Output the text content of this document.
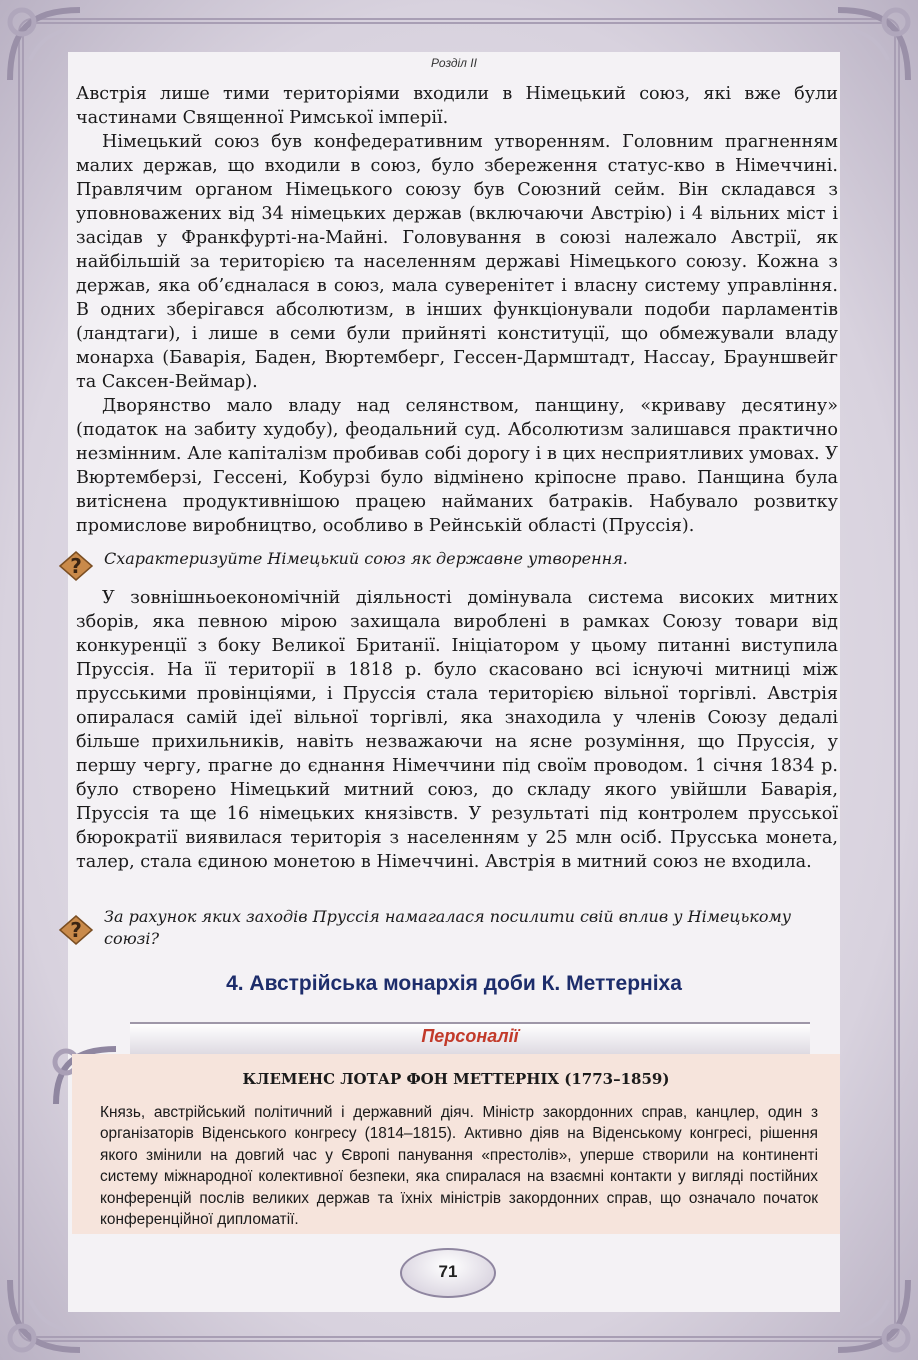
Розділ ІІ

Австрія лише тими територіями входили в Німецький союз, які вже були частинами Священної Римської імперії.

Німецький союз був конфедеративним утворенням. Головним прагненням малих держав, що входили в союз, було збереження статус-кво в Німеччині. Правлячим органом Німецького союзу був Союзний сейм. Він складався з уповноважених від 34 німецьких держав (включаючи Австрію) і 4 вільних міст і засідав у Франкфурті-на-Майні. Головування в союзі належало Австрії, як найбільшій за територією та населенням державі Німецького союзу. Кожна з держав, яка об’єдналася в союз, мала суверенітет і власну систему управління. В одних зберігався абсолютизм, в інших функціонували подоби парламентів (ландтаги), і лише в семи були прийняті конституції, що обмежували владу монарха (Баварія, Баден, Вюртемберг, Гессен-Дармштадт, Нассау, Брауншвейг та Саксен-Веймар).

Дворянство мало владу над селянством, панщину, «криваву десятину» (податок на забиту худобу), феодальний суд. Абсолютизм залишався практично незмінним. Але капіталізм пробивав собі дорогу і в цих несприятливих умовах. У Вюртемберзі, Гессені, Кобурзі було відмінено кріпосне право. Панщина була витіснена продуктивнішою працею найманих батраків. Набувало розвитку промислове виробництво, особливо в Рейнській області (Пруссія).

? Схарактеризуйте Німецький союз як державне утворення.

У зовнішньоекономічній діяльності домінувала система високих митних зборів, яка певною мірою захищала вироблені в рамках Союзу товари від конкуренції з боку Великої Британії. Ініціатором у цьому питанні виступила Пруссія. На її території в 1818 р. було скасовано всі існуючі митниці між прусськими провінціями, і Пруссія стала територією вільної торгівлі. Австрія опиралася самій ідеї вільної торгівлі, яка знаходила у членів Союзу дедалі більше прихильників, навіть незважаючи на ясне розуміння, що Пруссія, у першу чергу, прагне до єднання Німеччини під своїм проводом. 1 січня 1834 р. було створено Німецький митний союз, до складу якого увійшли Баварія, Пруссія та ще 16 німецьких князівств. У результаті під контролем прусської бюрократії виявилася територія з населенням у 25 млн осіб. Прусська монета, талер, стала єдиною монетою в Німеччині. Австрія в митний союз не входила.

?
За рахунок яких заходів Пруссія намагалася посилити свій вплив у Німецькому союзі?
4. Австрійська монархія доби К. Меттерніха
Персоналії
КЛЕМЕНС ЛОТАР ФОН МЕТТЕРНІХ (1773–1859)
Князь, австрійський політичний і державний діяч. Міністр закордонних справ, канцлер, один з організаторів Віденського конгресу (1814–1815). Активно діяв на Віденському конгресі, рішення якого змінили на довгий час у Європі панування «престолів», уперше створили на континенті систему міжнародної колективної безпеки, яка спиралася на взаємні контакти у вигляді постійних конференцій послів великих держав та їхніх міністрів закордонних справ, що означало початок конференційної дипломатії.
71
